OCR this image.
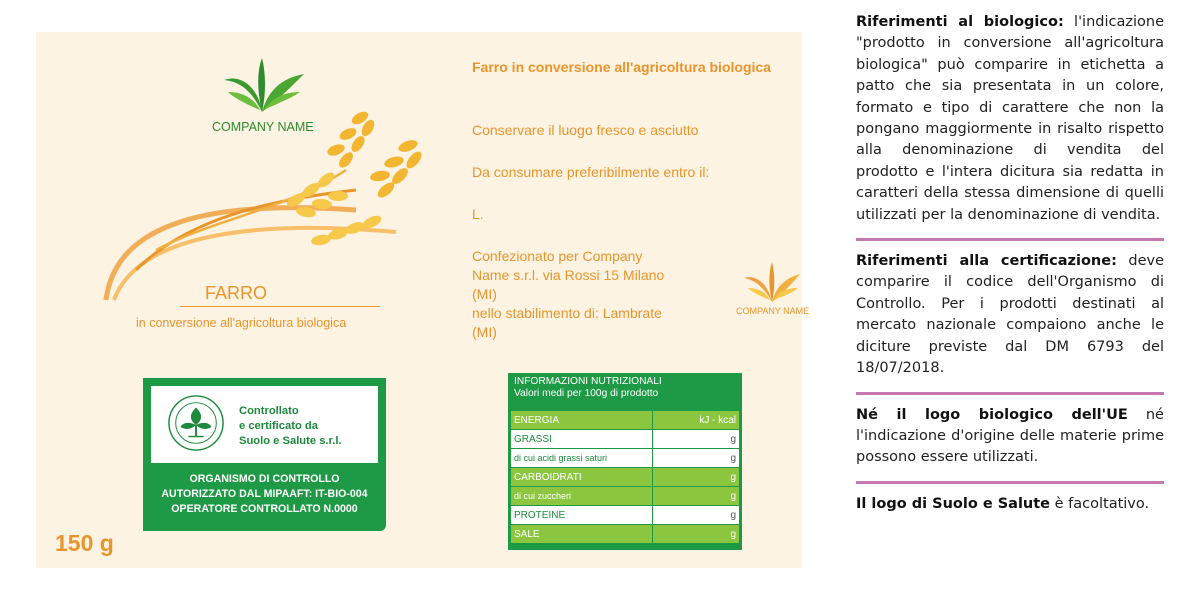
COMPANY NAME
FARRO
in conversione all'agricoltura biologica
Controllato
e certificato da
Suolo e Salute s.r.l.
ORGANISMO DI CONTROLLO
AUTORIZZATO DAL MIPAAFT: IT-BIO-004
OPERATORE CONTROLLATO N.0000
150 g
Farro in conversione all'agricoltura biologica
Conservare il luogo fresco e asciutto
Da consumare preferibilmente entro il:
L.
Confezionato per Company
Name s.r.l. via Rossi 15 Milano
(MI)
nello stabilimento di: Lambrate
(MI)
COMPANY NAME
INFORMAZIONI NUTRIZIONALI
Valori medi per 100g di prodotto
ENERGIA	kJ - kcal
GRASSI	g
di cui acidi grassi saturi	g
CARBOIDRATI	g
di cui zuccheri	g
PROTEINE	g
SALE	g
Riferimenti al biologico: l'indicazione "prodotto in conversione all'agricoltura biologica" può comparire in etichetta a patto che sia presentata in un colore, formato e tipo di carattere che non la pongano maggiormente in risalto rispetto alla denominazione di vendita del prodotto e l'intera dicitura sia redatta in caratteri della stessa dimensione di quelli utilizzati per la denominazione di vendita.
Riferimenti alla certificazione: deve comparire il codice dell'Organismo di Controllo. Per i prodotti destinati al mercato nazionale compaiono anche le diciture previste dal DM 6793 del 18/07/2018.
Né il logo biologico dell'UE né l'indicazione d'origine delle materie prime possono essere utilizzati.
Il logo di Suolo e Salute è facoltativo.
